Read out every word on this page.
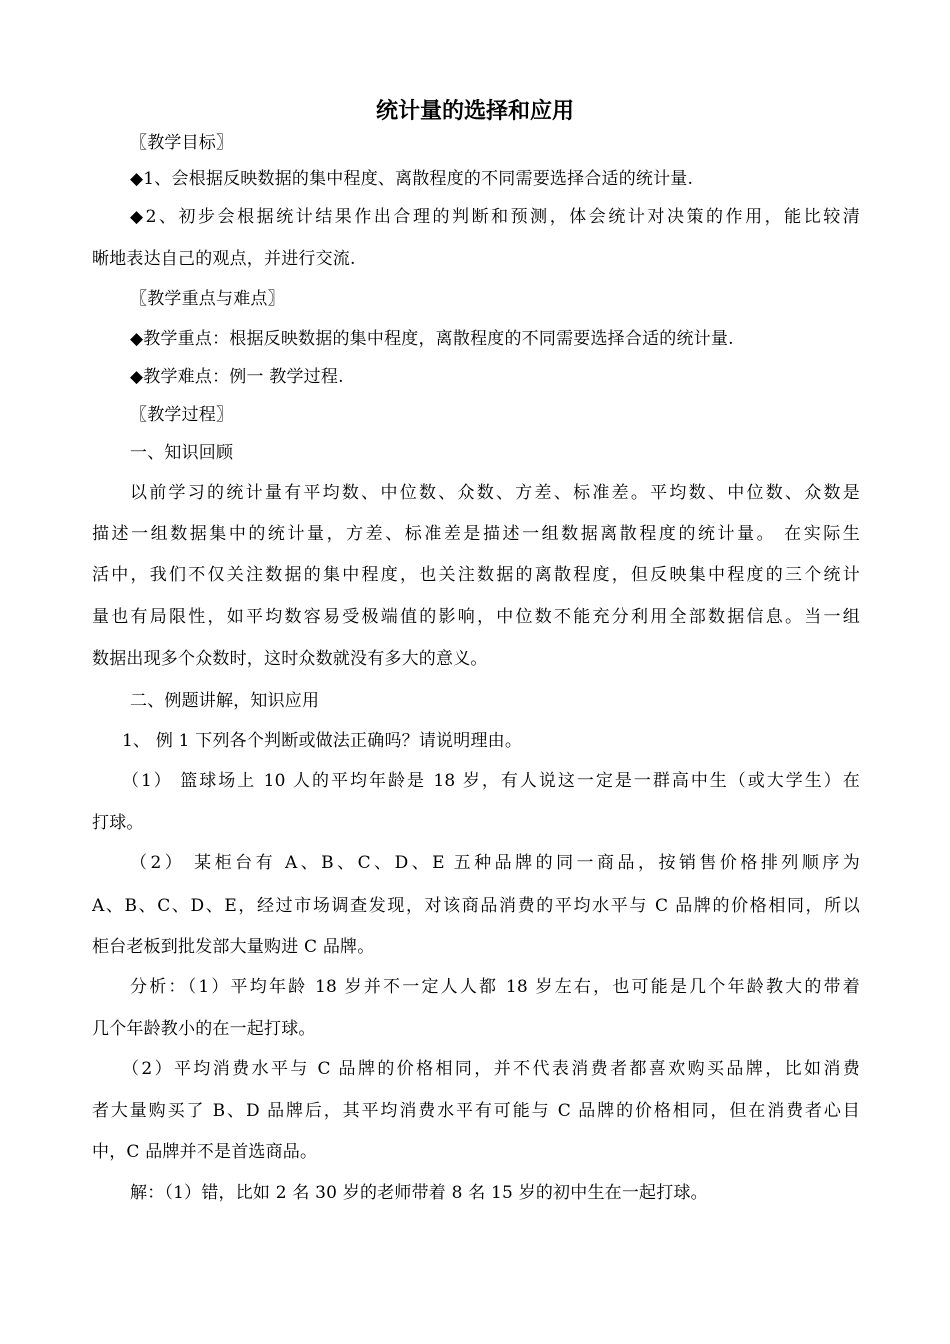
统计量的选择和应用
〖教学目标〗
◆1、会根据反映数据的集中程度、离散程度的不同需要选择合适的统计量.
◆2、初步会根据统计结果作出合理的判断和预测，体会统计对决策的作用，能比较清
晰地表达自己的观点，并进行交流.
〖教学重点与难点〗
◆教学重点：根据反映数据的集中程度，离散程度的不同需要选择合适的统计量.
◆教学难点：例一 教学过程.
〖教学过程〗
一、知识回顾
以前学习的统计量有平均数、中位数、众数、方差、标准差。平均数、中位数、众数是
描述一组数据集中的统计量，方差、标准差是描述一组数据离散程度的统计量。 在实际生
活中，我们不仅关注数据的集中程度，也关注数据的离散程度，但反映集中程度的三个统计
量也有局限性，如平均数容易受极端值的影响，中位数不能充分利用全部数据信息。当一组
数据出现多个众数时，这时众数就没有多大的意义。
二、例题讲解，知识应用
1、 例 1 下列各个判断或做法正确吗？请说明理由。
（1） 篮球场上 10 人的平均年龄是 18 岁，有人说这一定是一群高中生（或大学生）在
打球。
（2） 某柜台有 A、B、C、D、E 五种品牌的同一商品，按销售价格排列顺序为
A、B、C、D、E，经过市场调查发现，对该商品消费的平均水平与 C 品牌的价格相同，所以
柜台老板到批发部大量购进 C 品牌。
分析：（1）平均年龄 18 岁并不一定人人都 18 岁左右，也可能是几个年龄教大的带着
几个年龄教小的在一起打球。
（2）平均消费水平与 C 品牌的价格相同，并不代表消费者都喜欢购买品牌，比如消费
者大量购买了 B、D 品牌后，其平均消费水平有可能与 C 品牌的价格相同，但在消费者心目
中，C 品牌并不是首选商品。
解：（1）错，比如 2 名 30 岁的老师带着 8 名 15 岁的初中生在一起打球。
